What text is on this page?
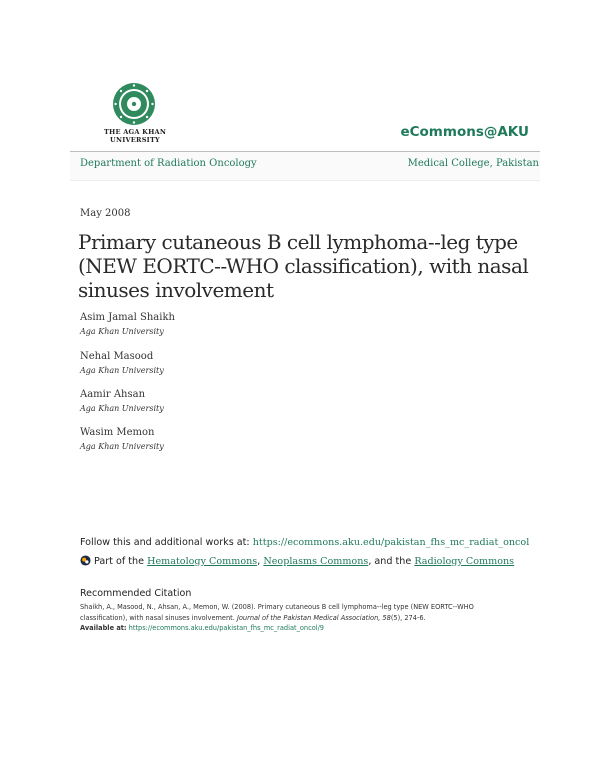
THE AGA KHAN UNIVERSITY	eCommons@AKU
Department of Radiation Oncology	Medical College, Pakistan
May 2008
Primary cutaneous B cell lymphoma--leg type (NEW EORTC--WHO classification), with nasal sinuses involvement
Asim Jamal Shaikh
Aga Khan University
Nehal Masood
Aga Khan University
Aamir Ahsan
Aga Khan University
Wasim Memon
Aga Khan University
Follow this and additional works at: https://ecommons.aku.edu/pakistan_fhs_mc_radiat_oncol
Part of the Hematology Commons, Neoplasms Commons, and the Radiology Commons
Recommended Citation
Shaikh, A., Masood, N., Ahsan, A., Memon, W. (2008). Primary cutaneous B cell lymphoma--leg type (NEW EORTC--WHO classification), with nasal sinuses involvement. Journal of the Pakistan Medical Association, 58(5), 274-6.
Available at: https://ecommons.aku.edu/pakistan_fhs_mc_radiat_oncol/9
